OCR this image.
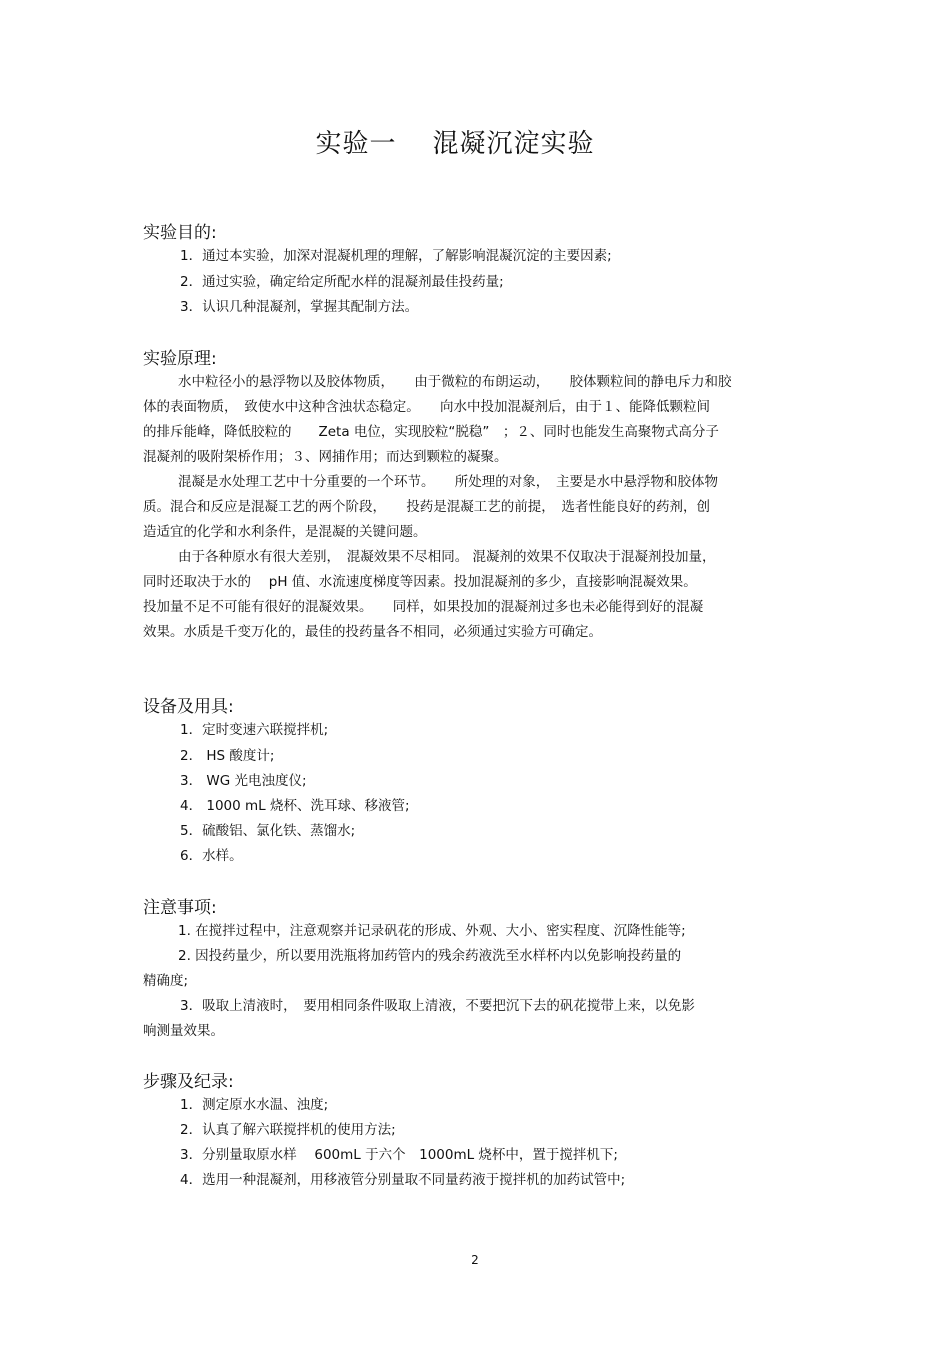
实验一 混凝沉淀实验
实验目的:
1．通过本实验，加深对混凝机理的理解，了解影响混凝沉淀的主要因素;
2．通过实验，确定给定所配水样的混凝剂最佳投药量;
3．认识几种混凝剂，掌握其配制方法。
实验原理:
水中粒径小的悬浮物以及胶体物质，　　由于微粒的布朗运动，　　胶体颗粒间的静电斥力和胶
体的表面物质，　致使水中这种含浊状态稳定。　　向水中投加混凝剂后，由于１、能降低颗粒间
的排斥能峰，降低胶粒的　　Zeta 电位，实现胶粒“脱稳”　；２、同时也能发生高聚物式高分子
混凝剂的吸附架桥作用；３、网捕作用；而达到颗粒的凝聚。
混凝是水处理工艺中十分重要的一个环节。　　所处理的对象，　主要是水中悬浮物和胶体物
质。混合和反应是混凝工艺的两个阶段，　　投药是混凝工艺的前提，　选者性能良好的药剂，创
造适宜的化学和水利条件，是混凝的关键问题。
由于各种原水有很大差别，　混凝效果不尽相同。 混凝剂的效果不仅取决于混凝剂投加量，
同时还取决于水的　 pH 值、水流速度梯度等因素。投加混凝剂的多少，直接影响混凝效果。
投加量不足不可能有很好的混凝效果。　　同样，如果投加的混凝剂过多也未必能得到好的混凝
效果。水质是千变万化的，最佳的投药量各不相同，必须通过实验方可确定。
设备及用具:
1．定时变速六联搅拌机;
2． HS 酸度计;
3． WG 光电浊度仪;
4． 1000 mL 烧杯、洗耳球、移液管;
5．硫酸铝、氯化铁、蒸馏水;
6．水样。
注意事项:
1. 在搅拌过程中，注意观察并记录矾花的形成、外观、大小、密实程度、沉降性能等;
2. 因投药量少，所以要用洗瓶将加药管内的残余药液洗至水样杯内以免影响投药量的
精确度;
3．吸取上清液时，　要用相同条件吸取上清液，不要把沉下去的矾花搅带上来，以免影
响测量效果。
步骤及纪录:
1．测定原水水温、浊度;
2．认真了解六联搅拌机的使用方法;
3．分别量取原水样　 600mL 于六个　1000mL 烧杯中，置于搅拌机下;
4．选用一种混凝剂，用移液管分别量取不同量药液于搅拌机的加药试管中;
2
